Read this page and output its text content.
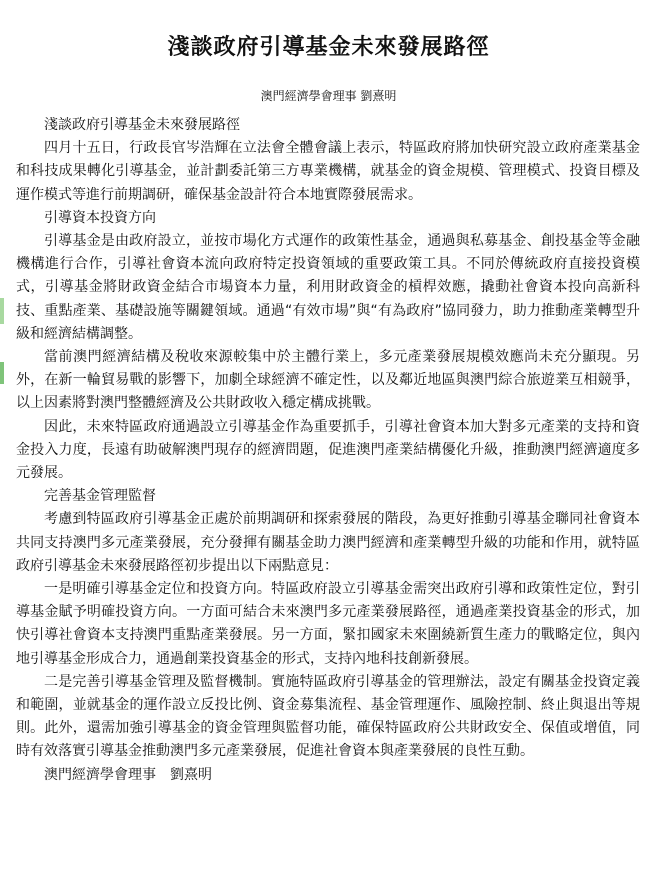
淺談政府引導基金未來發展路徑
澳門經濟學會理事 劉熹明

淺談政府引導基金未來發展路徑

四月十五日，行政長官岑浩輝在立法會全體會議上表示，特區政府將加快研究設立政府產業基金和科技成果轉化引導基金，並計劃委託第三方專業機構，就基金的資金規模、管理模式、投資目標及運作模式等進行前期調研，確保基金設計符合本地實際發展需求。

引導資本投資方向

引導基金是由政府設立，並按市場化方式運作的政策性基金，通過與私募基金、創投基金等金融機構進行合作，引導社會資本流向政府特定投資領域的重要政策工具。不同於傳統政府直接投資模式，引導基金將財政資金結合市場資本力量，利用財政資金的槓桿效應，撬動社會資本投向高新科技、重點產業、基礎設施等關鍵領域。通過“有效市場”與“有為政府”協同發力，助力推動產業轉型升級和經濟結構調整。

當前澳門經濟結構及稅收來源較集中於主體行業上，多元產業發展規模效應尚未充分顯現。另外，在新一輪貿易戰的影響下，加劇全球經濟不確定性，以及鄰近地區與澳門綜合旅遊業互相競爭，以上因素將對澳門整體經濟及公共財政收入穩定構成挑戰。

因此，未來特區政府通過設立引導基金作為重要抓手，引導社會資本加大對多元產業的支持和資金投入力度，長遠有助破解澳門現存的經濟問題，促進澳門產業結構優化升級，推動澳門經濟適度多元發展。

完善基金管理監督

考慮到特區政府引導基金正處於前期調研和探索發展的階段，為更好推動引導基金聯同社會資本共同支持澳門多元產業發展，充分發揮有關基金助力澳門經濟和產業轉型升級的功能和作用，就特區政府引導基金未來發展路徑初步提出以下兩點意見：

一是明確引導基金定位和投資方向。特區政府設立引導基金需突出政府引導和政策性定位，對引導基金賦予明確投資方向。一方面可結合未來澳門多元產業發展路徑，通過產業投資基金的形式，加快引導社會資本支持澳門重點產業發展。另一方面，緊扣國家未來圍繞新質生產力的戰略定位，與內地引導基金形成合力，通過創業投資基金的形式，支持內地科技創新發展。

二是完善引導基金管理及監督機制。實施特區政府引導基金的管理辦法，設定有關基金投資定義和範圍，並就基金的運作設立反投比例、資金募集流程、基金管理運作、風險控制、終止與退出等規則。此外，還需加強引導基金的資金管理與監督功能，確保特區政府公共財政安全、保值或增值，同時有效落實引導基金推動澳門多元產業發展，促進社會資本與產業發展的良性互動。

澳門經濟學會理事　劉熹明
